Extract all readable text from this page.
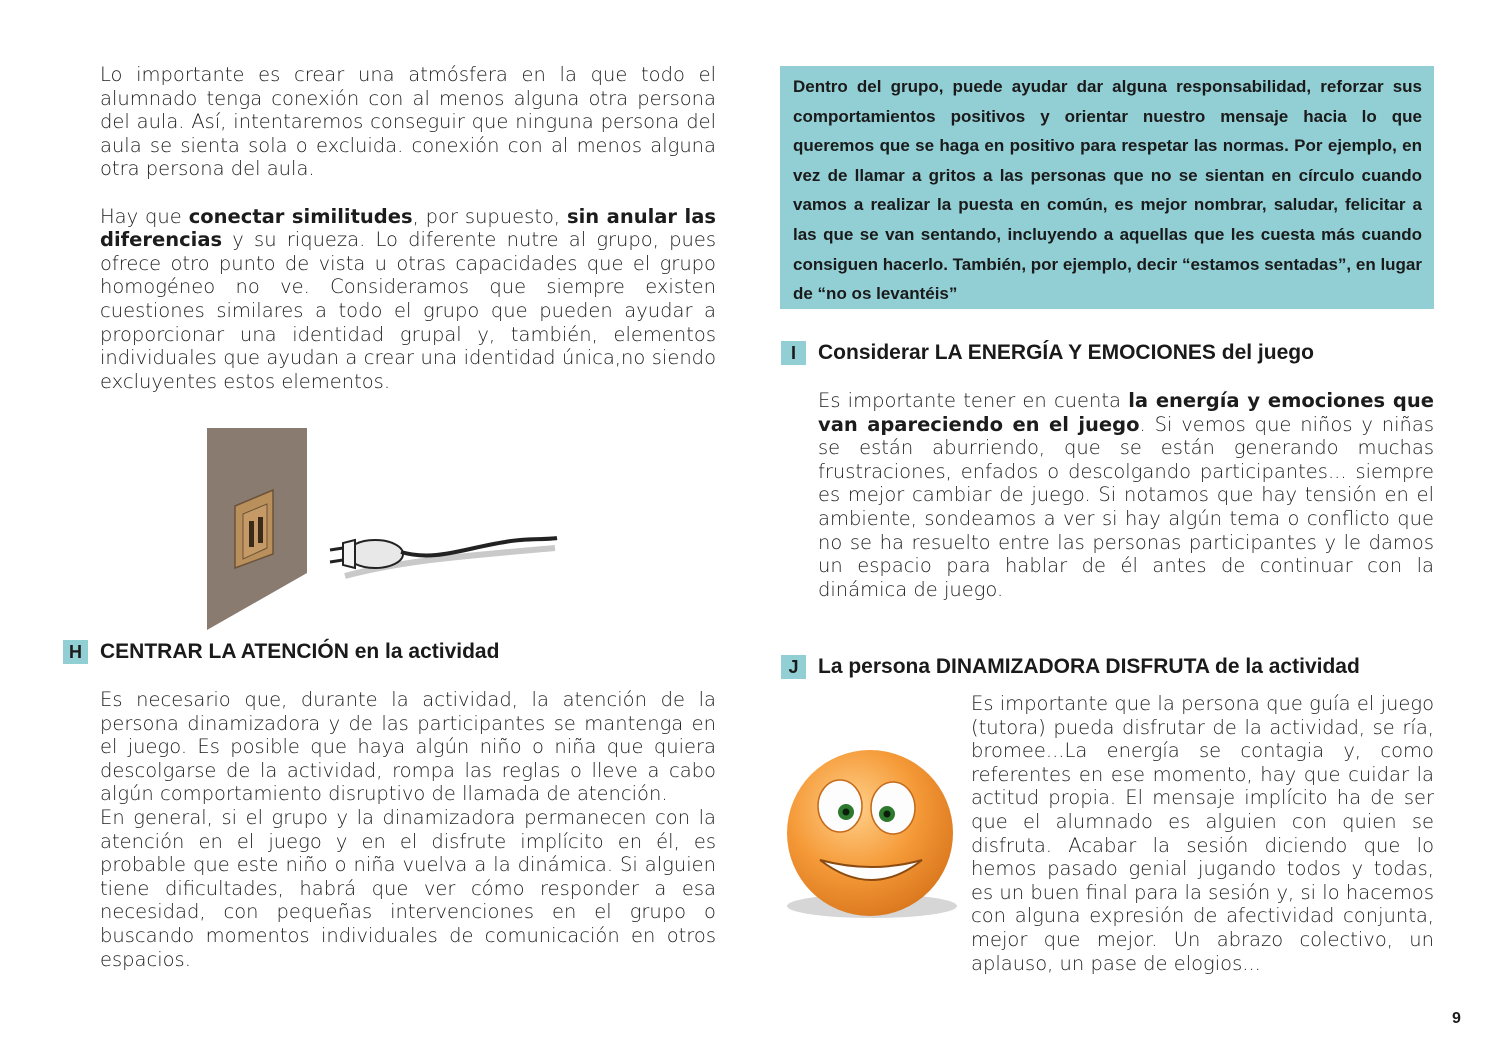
Lo importante es crear una atmósfera en la que todo el alumnado tenga conexión con al menos alguna otra persona del aula. Así, intentaremos conseguir que ninguna persona del aula se sienta sola o excluida. conexión con al menos alguna otra persona del aula.

Hay que conectar similitudes, por supuesto, sin anular las diferencias y su riqueza. Lo diferente nutre al grupo, pues ofrece otro punto de vista u otras capacidades que el grupo homogéneo no ve. Consideramos que siempre existen cuestiones similares a todo el grupo que pueden ayudar a proporcionar una identidad grupal y, también, elementos individuales que ayudan a crear una identidad única,no siendo excluyentes estos elementos.

H CENTRAR LA ATENCIÓN en la actividad

Es necesario que, durante la actividad, la atención de la persona dinamizadora y de las participantes se mantenga en el juego. Es posible que haya algún niño o niña que quiera descolgarse de la actividad, rompa las reglas o lleve a cabo algún comportamiento disruptivo de llamada de atención.

En general, si el grupo y la dinamizadora permanecen con la atención en el juego y en el disfrute implícito en él, es probable que este niño o niña vuelva a la dinámica. Si alguien tiene dificultades, habrá que ver cómo responder a esa necesidad, con pequeñas intervenciones en el grupo o buscando momentos individuales de comunicación en otros espacios.

Dentro del grupo, puede ayudar dar alguna responsabilidad, reforzar sus comportamientos positivos y orientar nuestro mensaje hacia lo que queremos que se haga en positivo para respetar las normas. Por ejemplo, en vez de llamar a gritos a las personas que no se sientan en círculo cuando vamos a realizar la puesta en común, es mejor nombrar, saludar, felicitar a las que se van sentando, incluyendo a aquellas que les cuesta más cuando consiguen hacerlo. También, por ejemplo, decir “estamos sentadas”, en lugar de “no os levantéis”

I	Considerar LA ENERGÍA Y EMOCIONES del juego

Es importante tener en cuenta la energía y emociones que van apareciendo en el juego. Si vemos que niños y niñas se están aburriendo, que se están generando muchas frustraciones, enfados o descolgando participantes... siempre es mejor cambiar de juego. Si notamos que hay tensión en el ambiente, sondeamos a ver si hay algún tema o conflicto que no se ha resuelto entre las personas participantes y le damos un espacio para hablar de él antes de continuar con la dinámica de juego.

J La persona DINAMIZADORA DISFRUTA de la actividad

Es importante que la persona que guía el juego (tutora) pueda disfrutar de la actividad, se ría, bromee...La energía se contagia y, como referentes en ese momento, hay que cuidar la actitud propia. El mensaje implícito ha de ser que el alumnado es alguien con quien se disfruta. Acabar la sesión diciendo que lo hemos pasado genial jugando todos y todas, es un buen final para la sesión y, si lo hacemos con alguna expresión de afectividad conjunta, mejor que mejor. Un abrazo colectivo, un aplauso, un pase de elogios...

9
